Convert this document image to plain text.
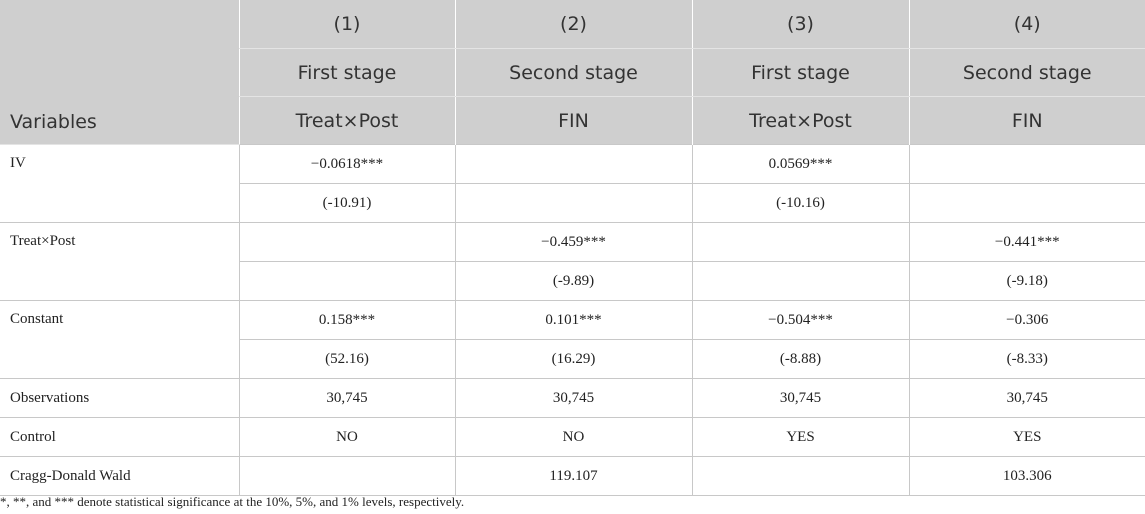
Variables	(1)	(2)	(3)	(4)
	First stage	Second stage	First stage	Second stage
	Treat×Post	FIN	Treat×Post	FIN
IV	−0.0618***		0.0569***	
	(-10.91)		(-10.16)	
Treat×Post		−0.459***		−0.441***
		(-9.89)		(-9.18)
Constant	0.158***	0.101***	−0.504***	−0.306
	(52.16)	(16.29)	(-8.88)	(-8.33)
Observations	30,745	30,745	30,745	30,745
Control	NO	NO	YES	YES
Cragg-Donald Wald		119.107		103.306
*, **, and *** denote statistical significance at the 10%, 5%, and 1% levels, respectively.
